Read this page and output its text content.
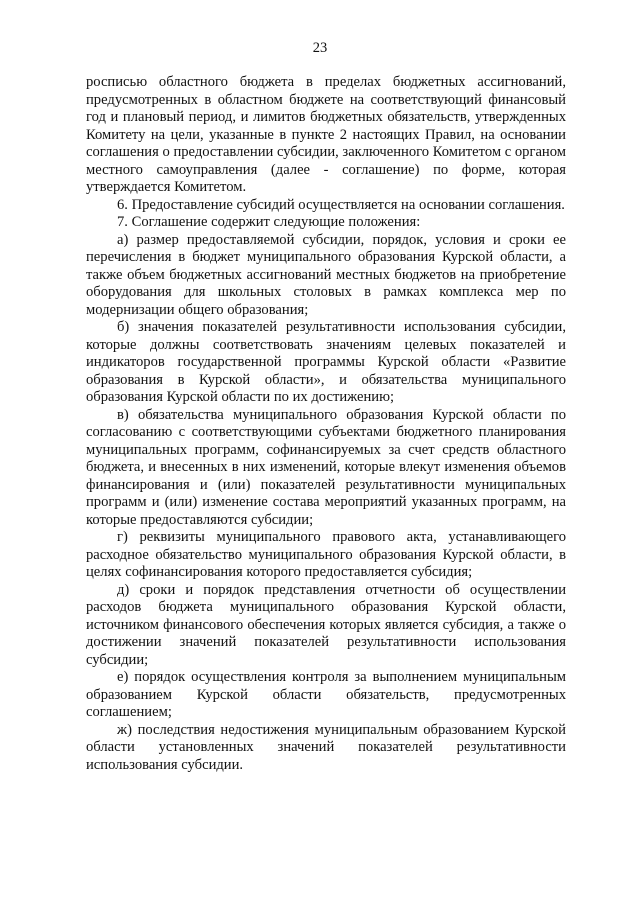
23

росписью областного бюджета в пределах бюджетных ассигнований, предусмотренных в областном бюджете на соответствующий финансовый год и плановый период, и лимитов бюджетных обязательств, утвержденных Комитету на цели, указанные в пункте 2 настоящих Правил, на основании соглашения о предоставлении субсидии, заключенного Комитетом с органом местного самоуправления (далее - соглашение) по форме, которая утверждается Комитетом.

6. Предоставление субсидий осуществляется на основании соглашения.

7. Соглашение содержит следующие положения:

а) размер предоставляемой субсидии, порядок, условия и сроки ее перечисления в бюджет муниципального образования Курской области, а также объем бюджетных ассигнований местных бюджетов на приобретение оборудования для школьных столовых в рамках комплекса мер по модернизации общего образования;

б) значения показателей результативности использования субсидии, которые должны соответствовать значениям целевых показателей и индикаторов государственной программы Курской области «Развитие образования в Курской области», и обязательства муниципального образования Курской области по их достижению;

в) обязательства муниципального образования Курской области по согласованию с соответствующими субъектами бюджетного планирования муниципальных программ, софинансируемых за счет средств областного бюджета, и внесенных в них изменений, которые влекут изменения объемов финансирования и (или) показателей результативности муниципальных программ и (или) изменение состава мероприятий указанных программ, на которые предоставляются субсидии;

г) реквизиты муниципального правового акта, устанавливающего расходное обязательство муниципального образования Курской области, в целях софинансирования которого предоставляется субсидия;

д) сроки и порядок представления отчетности об осуществлении расходов бюджета муниципального образования Курской области, источником финансового обеспечения которых является субсидия, а также о достижении значений показателей результативности использования субсидии;

е) порядок осуществления контроля за выполнением муниципальным образованием Курской области обязательств, предусмотренных соглашением;

ж) последствия недостижения муниципальным образованием Курской области установленных значений показателей результативности использования субсидии.
